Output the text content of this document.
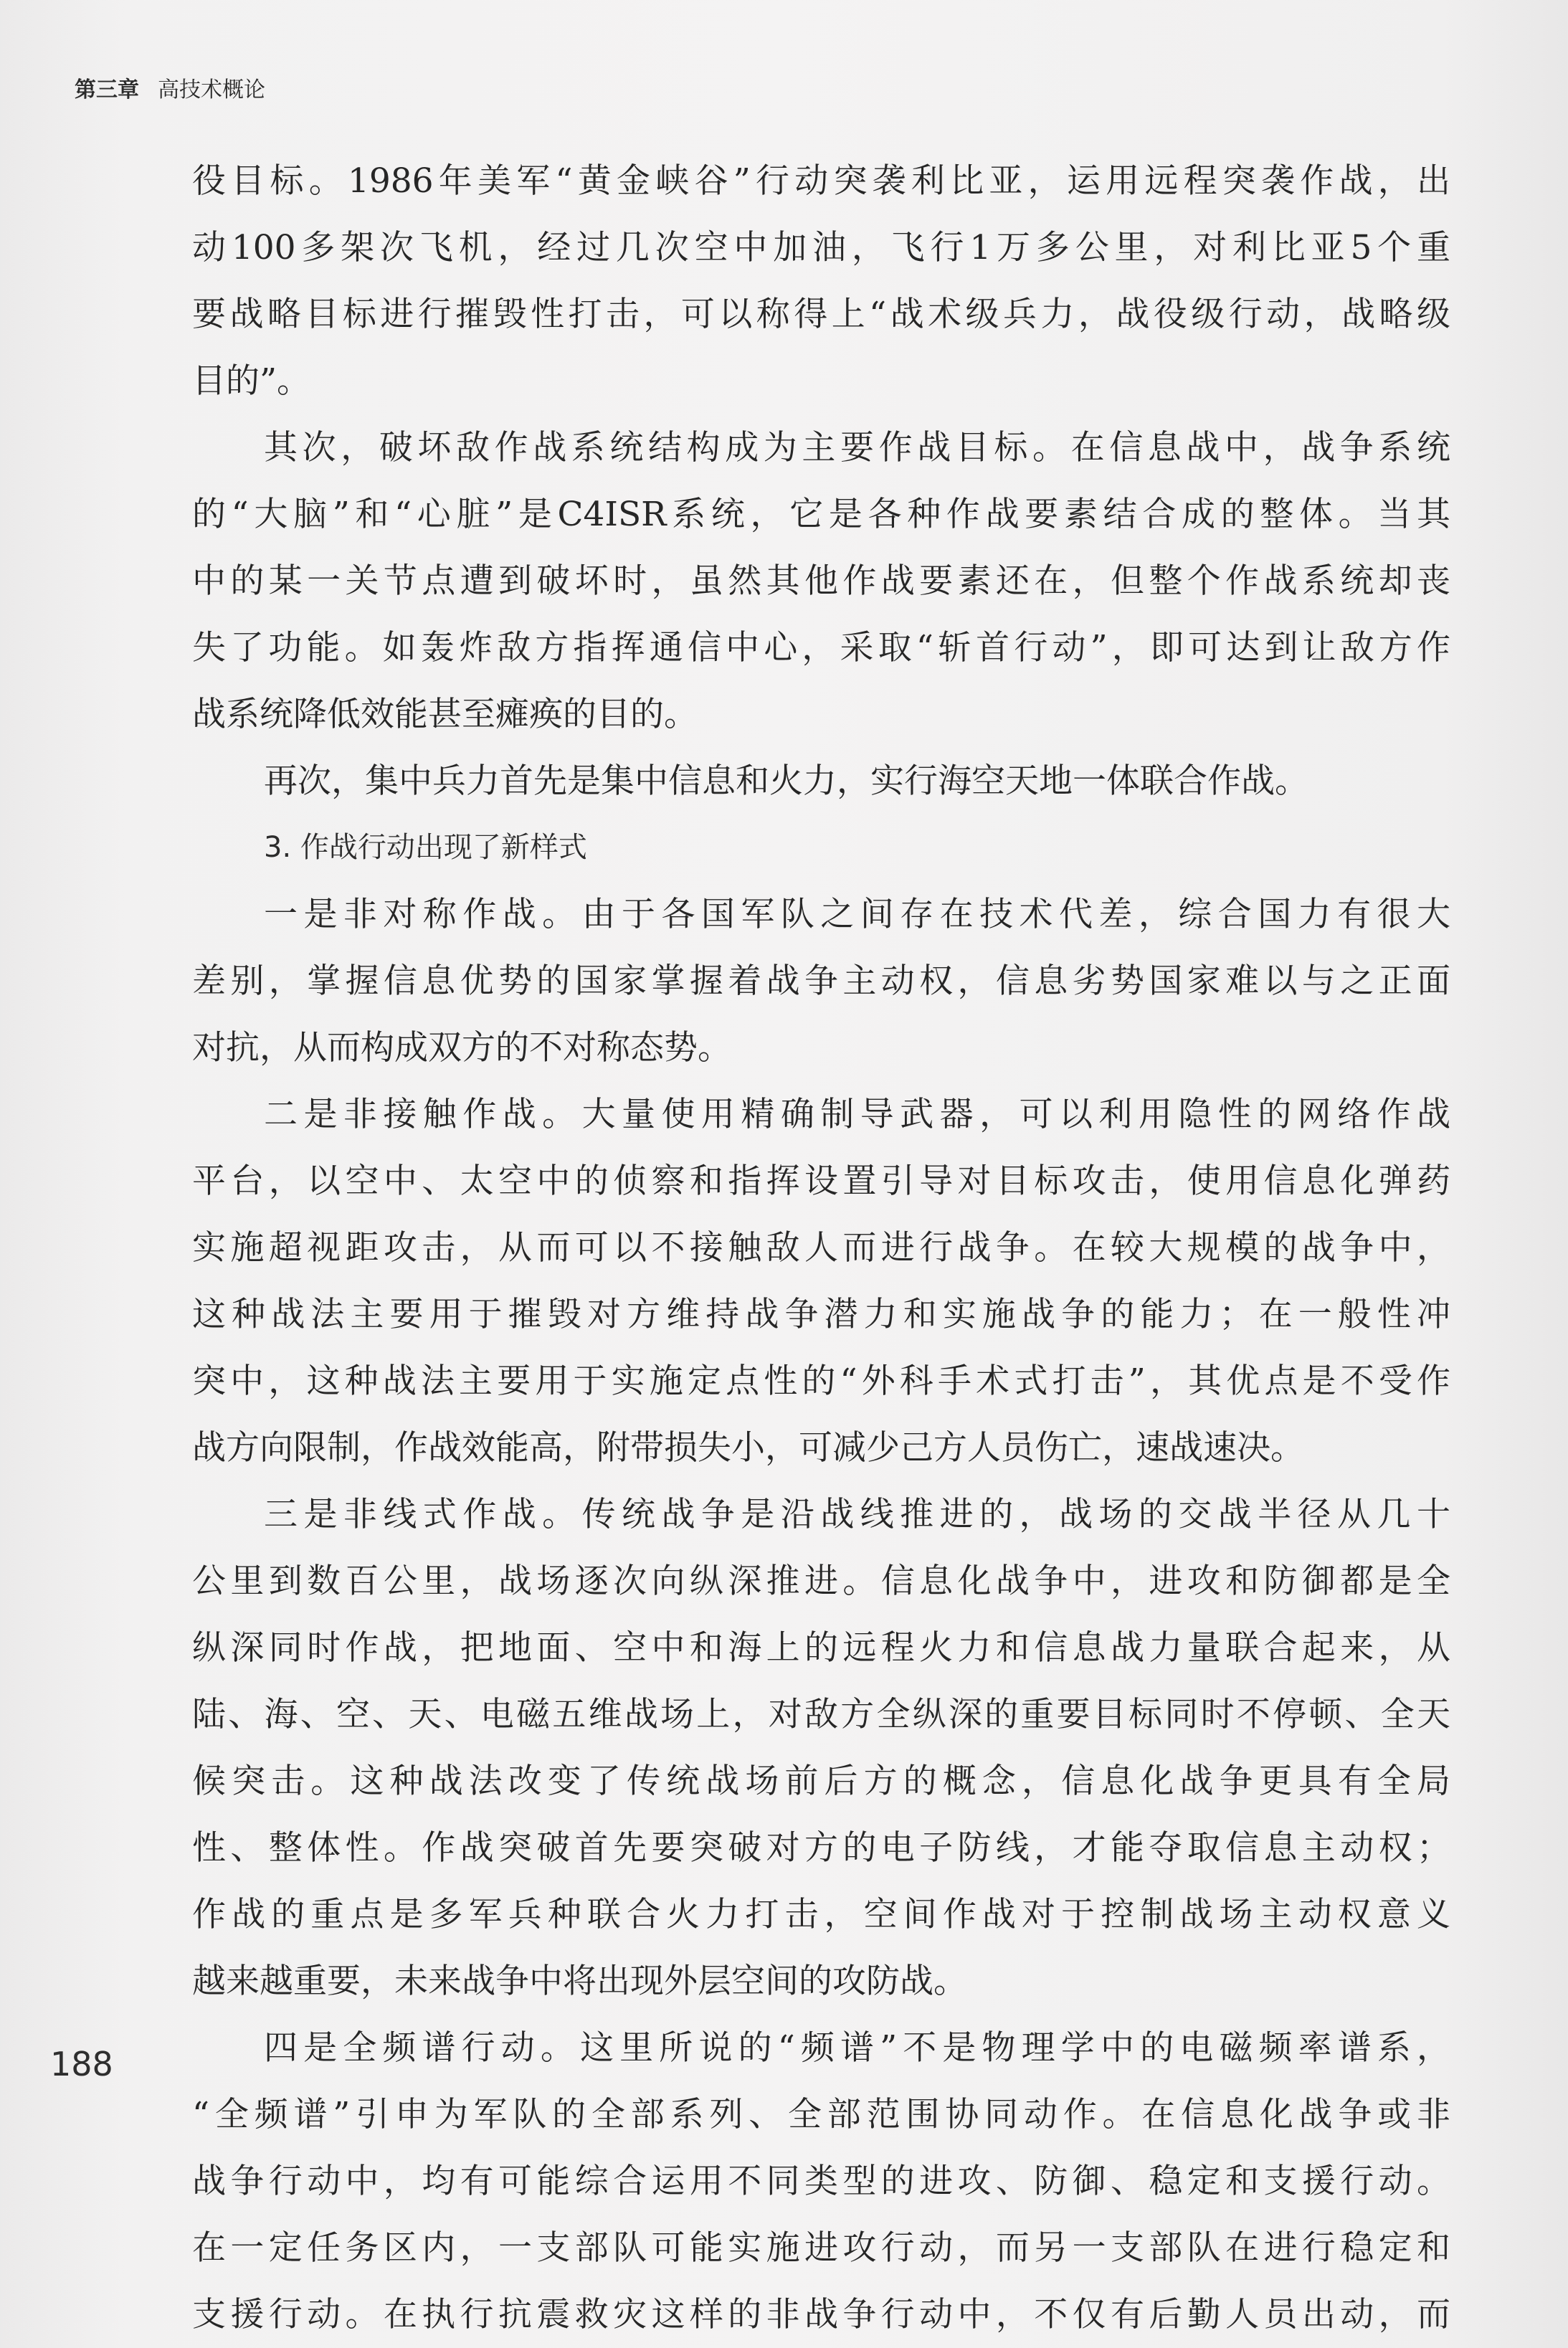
第三章 高技术概论
役目标。1986年美军“黄金峡谷”行动突袭利比亚，运用远程突袭作战，出
动100多架次飞机，经过几次空中加油，飞行1万多公里，对利比亚5个重
要战略目标进行摧毁性打击，可以称得上“战术级兵力，战役级行动，战略级
目的”。
其次，破坏敌作战系统结构成为主要作战目标。在信息战中，战争系统
的“大脑”和“心脏”是C4ISR系统，它是各种作战要素结合成的整体。当其
中的某一关节点遭到破坏时，虽然其他作战要素还在，但整个作战系统却丧
失了功能。如轰炸敌方指挥通信中心，采取“斩首行动”，即可达到让敌方作
战系统降低效能甚至瘫痪的目的。
再次，集中兵力首先是集中信息和火力，实行海空天地一体联合作战。
3. 作战行动出现了新样式
一是非对称作战。由于各国军队之间存在技术代差，综合国力有很大
差别，掌握信息优势的国家掌握着战争主动权，信息劣势国家难以与之正面
对抗，从而构成双方的不对称态势。
二是非接触作战。大量使用精确制导武器，可以利用隐性的网络作战
平台，以空中、太空中的侦察和指挥设置引导对目标攻击，使用信息化弹药
实施超视距攻击，从而可以不接触敌人而进行战争。在较大规模的战争中，
这种战法主要用于摧毁对方维持战争潜力和实施战争的能力；在一般性冲
突中，这种战法主要用于实施定点性的“外科手术式打击”，其优点是不受作
战方向限制，作战效能高，附带损失小，可减少己方人员伤亡，速战速决。
三是非线式作战。传统战争是沿战线推进的，战场的交战半径从几十
公里到数百公里，战场逐次向纵深推进。信息化战争中，进攻和防御都是全
纵深同时作战，把地面、空中和海上的远程火力和信息战力量联合起来，从
陆、海、空、天、电磁五维战场上，对敌方全纵深的重要目标同时不停顿、全天
候突击。这种战法改变了传统战场前后方的概念，信息化战争更具有全局
性、整体性。作战突破首先要突破对方的电子防线，才能夺取信息主动权；
作战的重点是多军兵种联合火力打击，空间作战对于控制战场主动权意义
越来越重要，未来战争中将出现外层空间的攻防战。
四是全频谱行动。这里所说的“频谱”不是物理学中的电磁频率谱系，
“全频谱”引申为军队的全部系列、全部范围协同动作。在信息化战争或非
战争行动中，均有可能综合运用不同类型的进攻、防御、稳定和支援行动。
在一定任务区内，一支部队可能实施进攻行动，而另一支部队在进行稳定和
支援行动。在执行抗震救灾这样的非战争行动中，不仅有后勤人员出动，而
188
